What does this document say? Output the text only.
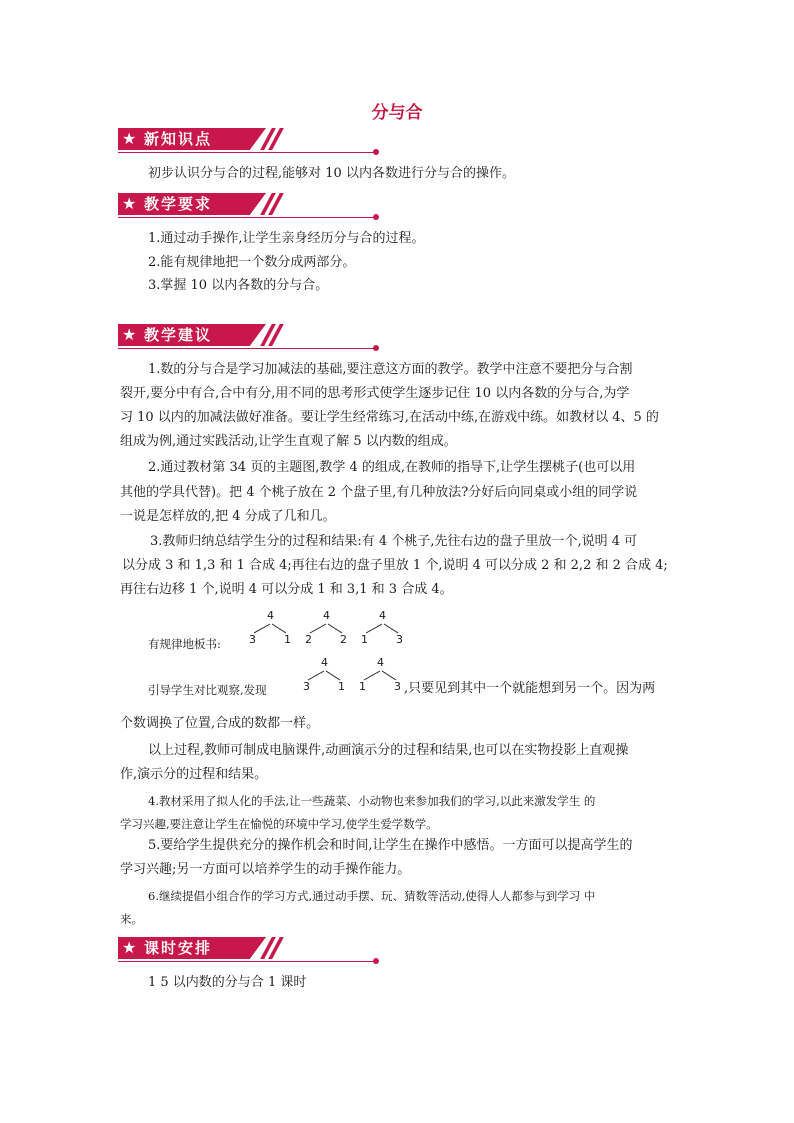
分与合
★ 新知识点
初步认识分与合的过程,能够对 10 以内各数进行分与合的操作。
★ 教学要求
1.通过动手操作,让学生亲身经历分与合的过程。
2.能有规律地把一个数分成两部分。
3.掌握 10 以内各数的分与合。
★ 教学建议
1.数的分与合是学习加减法的基础,要注意这方面的教学。教学中注意不要把分与合割
裂开,要分中有合,合中有分,用不同的思考形式使学生逐步记住 10 以内各数的分与合,为学
习 10 以内的加减法做好准备。要让学生经常练习,在活动中练,在游戏中练。如教材以 4、5 的
组成为例,通过实践活动,让学生直观了解 5 以内数的组成。
2.通过教材第 34 页的主题图,教学 4 的组成,在教师的指导下,让学生摆桃子(也可以用
其他的学具代替)。把 4 个桃子放在 2 个盘子里,有几种放法?分好后向同桌或小组的同学说
一说是怎样放的,把 4 分成了几和几。
3.教师归纳总结学生分的过程和结果:有 4 个桃子,先往右边的盘子里放一个,说明 4 可
以分成 3 和 1,3 和 1 合成 4;再往右边的盘子里放 1 个,说明 4 可以分成 2 和 2,2 和 2 合成 4;
再往右边移 1 个,说明 4 可以分成 1 和 3,1 和 3 合成 4。
有规律地板书:
4
3	1
4
2	2
4
1	3
引导学生对比观察,发现
4
3	1
4
1	3 ,只要见到其中一个就能想到另一个。因为两
个数调换了位置,合成的数都一样。
以上过程,教师可制成电脑课件,动画演示分的过程和结果,也可以在实物投影上直观操
作,演示分的过程和结果。
4.教材采用了拟人化的手法,让一些蔬菜、小动物也来参加我们的学习,以此来激发学生 的
学习兴趣,要注意让学生在愉悦的环境中学习,使学生爱学数学。
5.要给学生提供充分的操作机会和时间,让学生在操作中感悟。一方面可以提高学生的
学习兴趣;另一方面可以培养学生的动手操作能力。
6.继续提倡小组合作的学习方式,通过动手摆、玩、猜数等活动,使得人人都参与到学习 中
来。
★ 课时安排
1 5 以内数的分与合 1 课时
